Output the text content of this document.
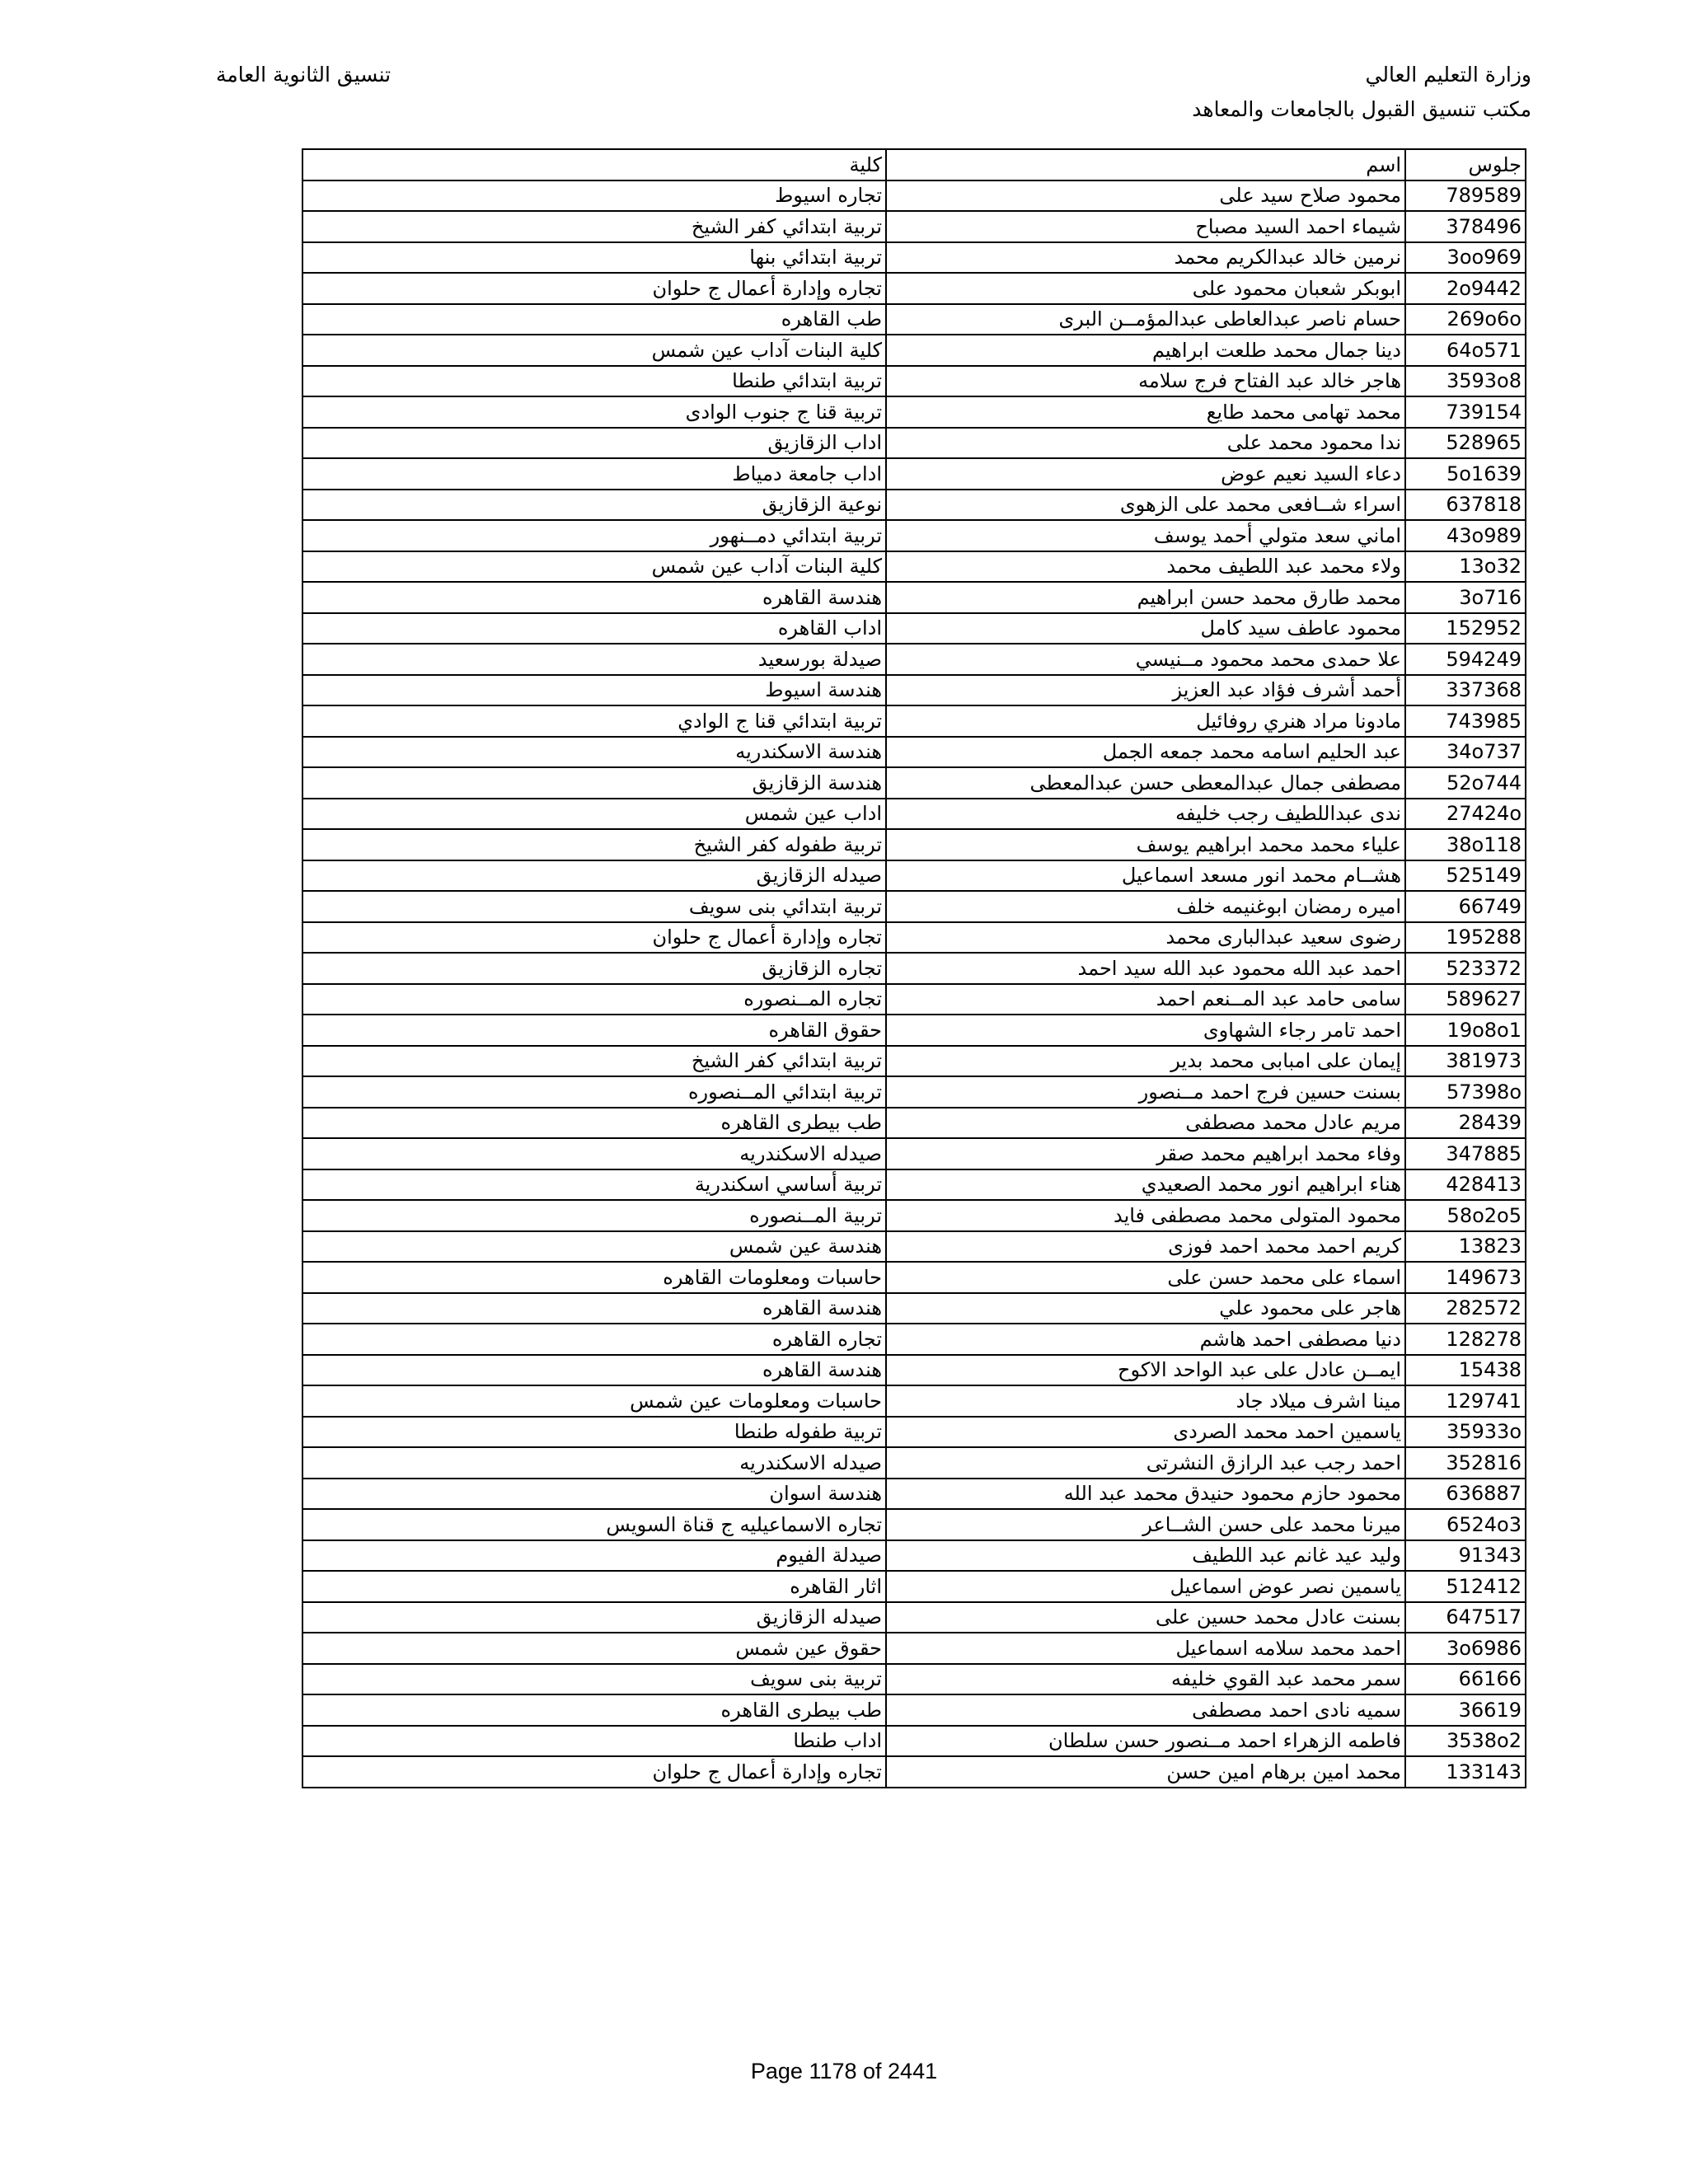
وزارة التعليم العالي
مكتب تنسيق القبول بالجامعات والمعاهد
تنسيق الثانوية العامة
جلوس	اسم	كلية
789589	محمود صلاح سيد على	تجاره اسيوط
378496	شيماء احمد السيد مصباح	تربية ابتدائي كفر الشيخ
3oo969	نرمين خالد عبدالكريم محمد	تربية ابتدائي بنها
2o9442	ابوبكر شعبان محمود على	تجاره وإدارة أعمال ج حلوان
269o6o	حسام ناصر عبدالعاطى عبدالمؤمــن البرى	طب القاهره
64o571	دينا جمال محمد طلعت ابراهيم	كلية البنات آداب عين شمس
3593o8	هاجر خالد عبد الفتاح فرج سلامه	تربية ابتدائي طنطا
739154	محمد تهامى محمد طايع	تربية قنا ج جنوب الوادى
528965	ندا محمود محمد على	اداب الزقازيق
5o1639	دعاء السيد نعيم عوض	اداب جامعة دمياط
637818	اسراء شــافعى محمد على الزهوى	نوعية الزقازيق
43o989	اماني سعد متولي أحمد يوسف	تربية ابتدائي دمــنهور
13o32	ولاء محمد عبد اللطيف محمد	كلية البنات آداب عين شمس
3o716	محمد طارق محمد حسن ابراهيم	هندسة القاهره
152952	محمود عاطف سيد كامل	اداب القاهره
594249	علا حمدى محمد محمود مــنيسي	صيدلة بورسعيد
337368	أحمد أشرف فؤاد عبد العزيز	هندسة اسيوط
743985	مادونا مراد هنري روفائيل	تربية ابتدائي قنا ج الوادي
34o737	عبد الحليم اسامه محمد جمعه الجمل	هندسة الاسكندريه
52o744	مصطفى جمال عبدالمعطى حسن عبدالمعطى	هندسة الزقازيق
27424o	ندى عبداللطيف رجب خليفه	اداب عين شمس
38o118	علياء محمد محمد ابراهيم يوسف	تربية طفوله كفر الشيخ
525149	هشــام محمد انور مسعد اسماعيل	صيدله الزقازيق
66749	اميره رمضان ابوغنيمه خلف	تربية ابتدائي بنى سويف
195288	رضوى سعيد عبدالبارى محمد	تجاره وإدارة أعمال ج حلوان
523372	احمد عبد الله محمود عبد الله سيد احمد	تجاره الزقازيق
589627	سامى حامد عبد المــنعم احمد	تجاره المــنصوره
19o8o1	احمد تامر رجاء الشهاوى	حقوق القاهره
381973	إيمان على امبابى محمد بدير	تربية ابتدائي كفر الشيخ
57398o	بسنت حسين فرج احمد مــنصور	تربية ابتدائي المــنصوره
28439	مريم عادل محمد مصطفى	طب بيطرى القاهره
347885	وفاء محمد ابراهيم محمد صقر	صيدله الاسكندريه
428413	هناء ابراهيم انور محمد الصعيدي	تربية أساسي اسكندرية
58o2o5	محمود المتولى محمد مصطفى فايد	تربية المــنصوره
13823	كريم احمد محمد احمد فوزى	هندسة عين شمس
149673	اسماء على محمد حسن على	حاسبات ومعلومات القاهره
282572	هاجر على محمود علي	هندسة القاهره
128278	دنيا مصطفى احمد هاشم	تجاره القاهره
15438	ايمــن عادل على عبد الواحد الاكوح	هندسة القاهره
129741	مينا اشرف ميلاد جاد	حاسبات ومعلومات عين شمس
35933o	ياسمين احمد محمد الصردى	تربية طفوله طنطا
352816	احمد رجب عبد الرازق النشرتى	صيدله الاسكندريه
636887	محمود حازم محمود حنيدق محمد عبد الله	هندسة اسوان
6524o3	ميرنا محمد على حسن الشــاعر	تجاره الاسماعيليه ج قناة السويس
91343	وليد عيد غانم عبد اللطيف	صيدلة الفيوم
512412	ياسمين نصر عوض اسماعيل	اثار القاهره
647517	بسنت عادل محمد حسين على	صيدله الزقازيق
3o6986	احمد محمد سلامه اسماعيل	حقوق عين شمس
66166	سمر محمد عبد القوي خليفه	تربية بنى سويف
36619	سميه نادى احمد مصطفى	طب بيطرى القاهره
3538o2	فاطمه الزهراء احمد مــنصور حسن سلطان	اداب طنطا
133143	محمد امين برهام امين حسن	تجاره وإدارة أعمال ج حلوان
Page 1178 of 2441
